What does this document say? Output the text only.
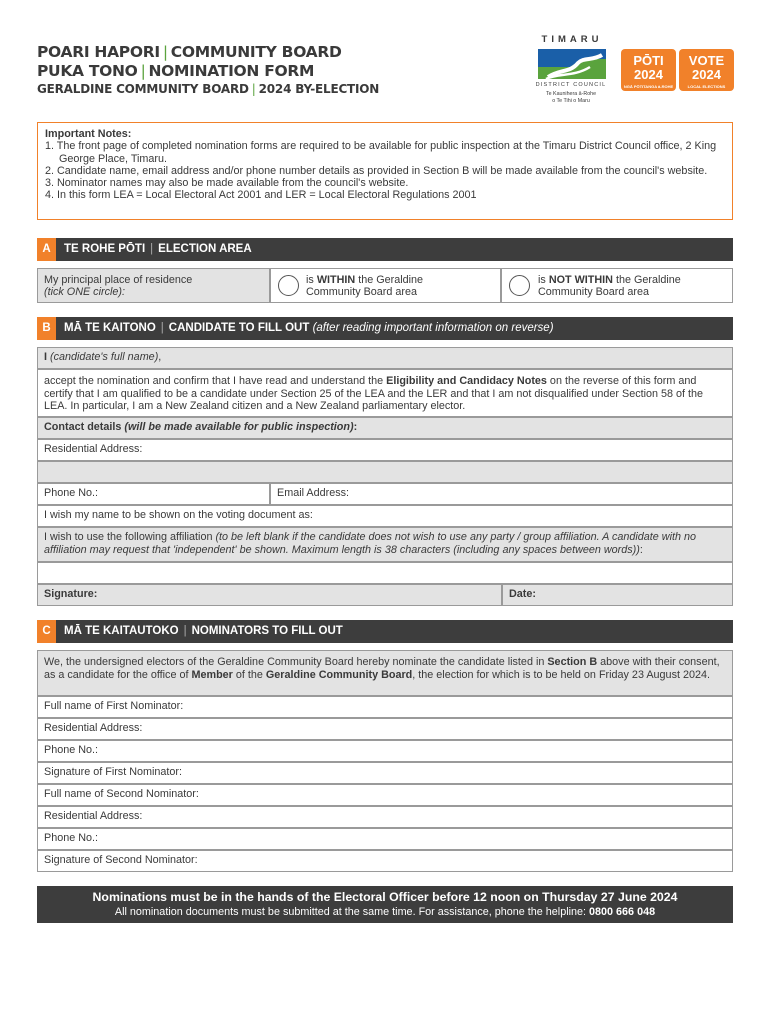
POARI HAPORI | COMMUNITY BOARD
PUKA TONO | NOMINATION FORM
GERALDINE COMMUNITY BOARD | 2024 BY-ELECTION
TIMARU
DISTRICT COUNCIL
Te Kaunihera ā-Rohe
o Te Tihi o Maru
PŌTI
2024
NGĀ PŌTITANGA ā-ROHE
VOTE
2024
LOCAL ELECTIONS
Important Notes:
1. The front page of completed nomination forms are required to be available for public inspection at the Timaru District Council office, 2 King George Place, Timaru.
2. Candidate name, email address and/or phone number details as provided in Section B will be made available from the council's website.
3. Nominator names may also be made available from the council's website.
4. In this form LEA = Local Electoral Act 2001 and LER = Local Electoral Regulations 2001
A TE ROHE PŌTI | ELECTION AREA
My principal place of residence
(tick ONE circle):
is WITHIN the Geraldine
Community Board area
is NOT WITHIN the Geraldine
Community Board area
B MĀ TE KAITONO | CANDIDATE TO FILL OUT (after reading important information on reverse)
I (candidate's full name),
accept the nomination and confirm that I have read and understand the Eligibility and Candidacy Notes on the reverse of this form and certify that I am qualified to be a candidate under Section 25 of the LEA and the LER and that I am not disqualified under Section 58 of the LEA. In particular, I am a New Zealand citizen and a New Zealand parliamentary elector.
Contact details (will be made available for public inspection):
Residential Address:
Phone No.:	Email Address:
I wish my name to be shown on the voting document as:
I wish to use the following affiliation (to be left blank if the candidate does not wish to use any party / group affiliation. A candidate with no affiliation may request that 'independent' be shown. Maximum length is 38 characters (including any spaces between words)):
Signature:	Date:
C MĀ TE KAITAUTOKO | NOMINATORS TO FILL OUT
We, the undersigned electors of the Geraldine Community Board hereby nominate the candidate listed in Section B above with their consent, as a candidate for the office of Member of the Geraldine Community Board, the election for which is to be held on Friday 23 August 2024.
Full name of First Nominator:
Residential Address:
Phone No.:
Signature of First Nominator:
Full name of Second Nominator:
Residential Address:
Phone No.:
Signature of Second Nominator:
Nominations must be in the hands of the Electoral Officer before 12 noon on Thursday 27 June 2024
All nomination documents must be submitted at the same time. For assistance, phone the helpline: 0800 666 048
